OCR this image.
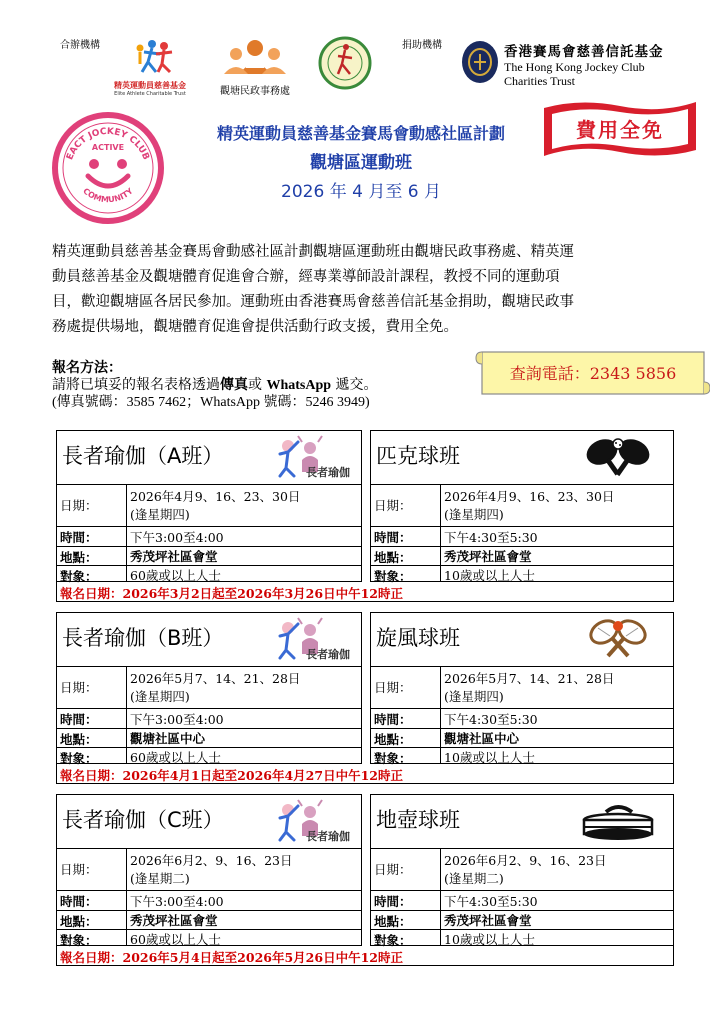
合辦機構	捐助機構
精英運動員慈善基金
Elite Athlete Charitable Trust	觀塘民政事務處
香港賽馬會慈善信託基金
The Hong Kong Jockey Club
Charities Trust
EACT JOCKEY CLUB
ACTIVE
COMMUNITY
精英運動員慈善基金賽馬會動感社區計劃
觀塘區運動班
2026 年 4 月至 6 月
費用全免
精英運動員慈善基金賽馬會動感社區計劃觀塘區運動班由觀塘民政事務處、精英運
動員慈善基金及觀塘體育促進會合辦，經專業導師設計課程，教授不同的運動項
目，歡迎觀塘區各居民參加。運動班由香港賽馬會慈善信託基金捐助，觀塘民政事
務處提供場地，觀塘體育促進會提供活動行政支援，費用全免。
報名方法：
請將已填妥的報名表格透過傳真或 WhatsApp 遞交。
(傳真號碼：3585 7462；WhatsApp 號碼：5246 3949)
查詢電話：2343 5856
長者瑜伽（A班）
長者瑜伽
日期：
時間：
地點：
對象：
2026年4月9、16、23、30日
(逢星期四)
下午3:00至4:00
秀茂坪社區會堂
60歲或以上人士
匹克球班
日期：
時間：
地點：
對象：
2026年4月9、16、23、30日
(逢星期四)
下午4:30至5:30
秀茂坪社區會堂
10歲或以上人士
報名日期：2026年3月2日起至2026年3月26日中午12時正
長者瑜伽（B班）
長者瑜伽
日期：
時間：
地點：
對象：
2026年5月7、14、21、28日
(逢星期四)
下午3:00至4:00
觀塘社區中心
60歲或以上人士
旋風球班
日期：
時間：
地點：
對象：
2026年5月7、14、21、28日
(逢星期四)
下午4:30至5:30
觀塘社區中心
10歲或以上人士
報名日期：2026年4月1日起至2026年4月27日中午12時正
長者瑜伽（C班）
長者瑜伽
日期：
時間：
地點：
對象：
2026年6月2、9、16、23日
(逢星期二)
下午3:00至4:00
秀茂坪社區會堂
60歲或以上人士
地壺球班
日期：
時間：
地點：
對象：
2026年6月2、9、16、23日
(逢星期二)
下午4:30至5:30
秀茂坪社區會堂
10歲或以上人士
報名日期：2026年5月4日起至2026年5月26日中午12時正
